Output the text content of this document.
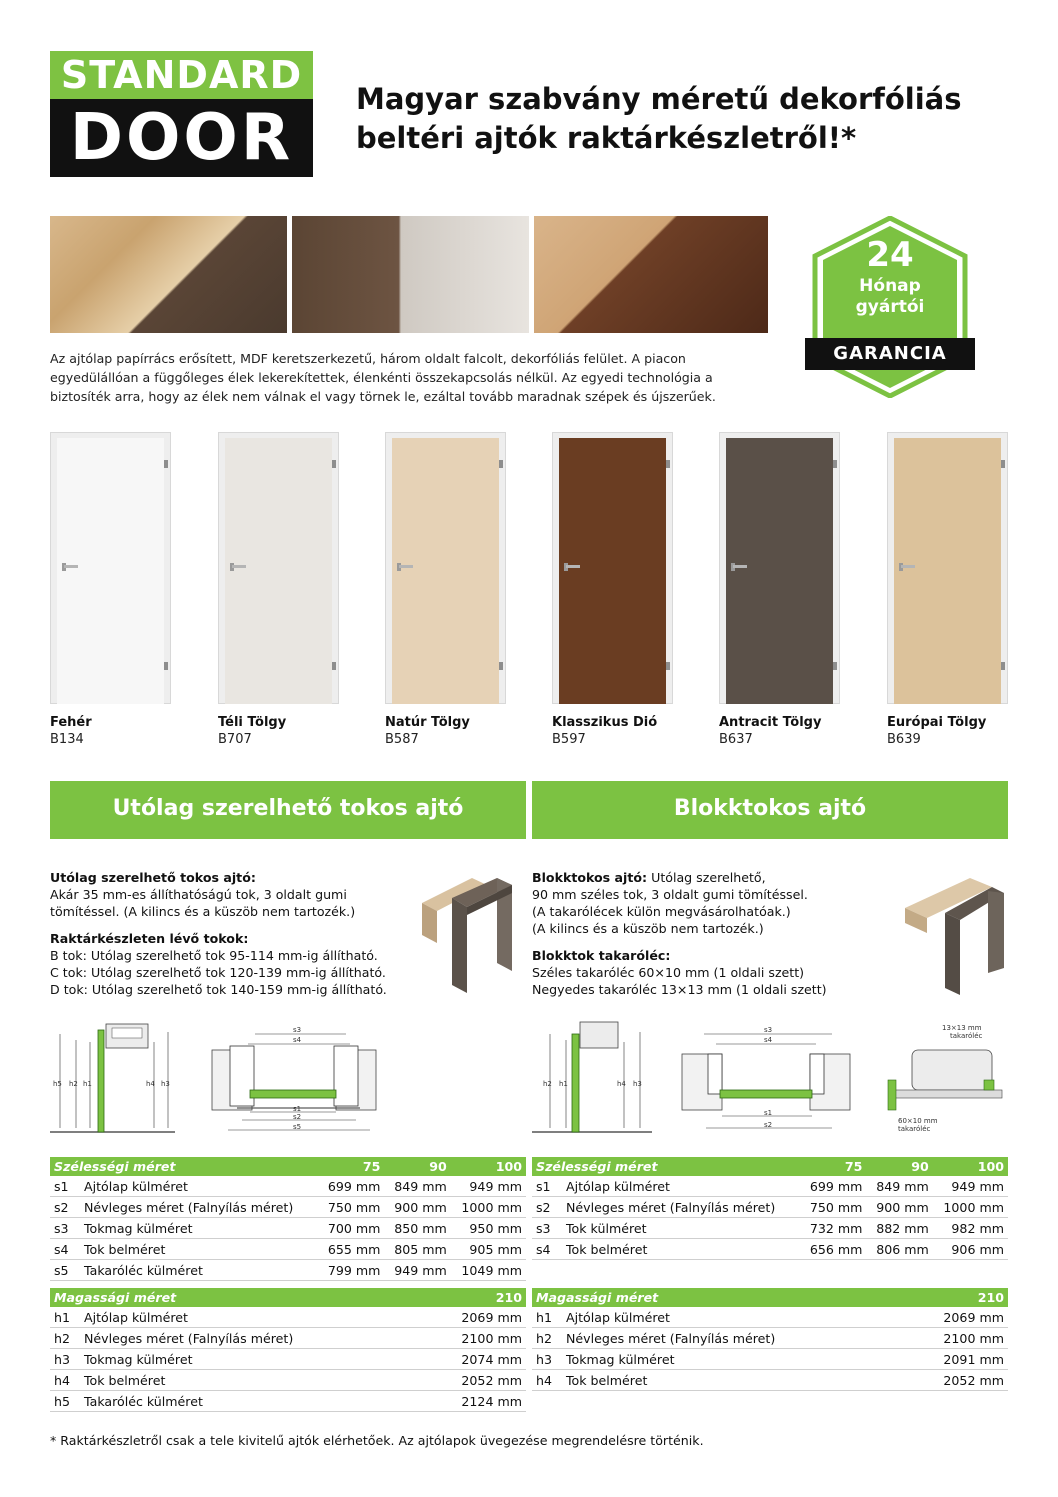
STANDARD
DOOR
Magyar szabvány méretű dekorfóliás
beltéri ajtók raktárkészletről!*
24
Hónap
gyártói
GARANCIA
Az ajtólap papírrács erősített, MDF keretszerkezetű, három oldalt falcolt, dekorfóliás felület. A piacon egyedülállóan a függőleges élek lekerekítettek, élenkénti összekapcsolás nélkül. Az egyedi technológia a biztosíték arra, hogy az élek nem válnak el vagy törnek le, ezáltal tovább maradnak szépek és újszerűek.
Fehér
B134
Téli Tölgy
B707
Natúr Tölgy
B587
Klasszikus Dió
B597
Antracit Tölgy
B637
Európai Tölgy
B639
Utólag szerelhető tokos ajtó	Blokktokos ajtó
Utólag szerelhető tokos ajtó:
Akár 35 mm-es állíthatóságú tok, 3 oldalt gumi
tömítéssel. (A kilincs és a küszöb nem tartozék.)
Raktárkészleten lévő tokok:
B tok: Utólag szerelhető tok 95-114 mm-ig állítható.
C tok: Utólag szerelhető tok 120-139 mm-ig állítható.
D tok: Utólag szerelhető tok 140-159 mm-ig állítható.
Blokktokos ajtó: Utólag szerelhető,
90 mm széles tok, 3 oldalt gumi tömítéssel.
(A takarólécek külön megvásárolhatóak.)
(A kilincs és a küszöb nem tartozék.)
Blokktok takaróléc:
Széles takaróléc 60×10 mm (1 oldali szett)
Negyedes takaróléc 13×13 mm (1 oldali szett)
h5 h2 h1	h4 h3
s3
s4
s1
s2
s5
h2 h1	h4 h3
s3
s4
s1
s2
13×13 mm
takaróléc
60×10 mm
takaróléc
Szélességi méret		75	90	100
s1	Ajtólap külméret	699 mm	849 mm	949 mm
s2	Névleges méret (Falnyílás méret)	750 mm	900 mm	1000 mm
s3	Tokmag külméret	700 mm	850 mm	950 mm
s4	Tok belméret	655 mm	805 mm	905 mm
s5	Takaróléc külméret	799 mm	949 mm	1049 mm
Szélességi méret		75	90	100
s1	Ajtólap külméret	699 mm	849 mm	949 mm
s2	Névleges méret (Falnyílás méret)	750 mm	900 mm	1000 mm
s3	Tok külméret	732 mm	882 mm	982 mm
s4	Tok belméret	656 mm	806 mm	906 mm
Magassági méret		210
h1	Ajtólap külméret	2069 mm
h2	Névleges méret (Falnyílás méret)	2100 mm
h3	Tokmag külméret	2074 mm
h4	Tok belméret	2052 mm
h5	Takaróléc külméret	2124 mm
Magassági méret		210
h1	Ajtólap külméret	2069 mm
h2	Névleges méret (Falnyílás méret)	2100 mm
h3	Tokmag külméret	2091 mm
h4	Tok belméret	2052 mm
* Raktárkészletről csak a tele kivitelű ajtók elérhetőek. Az ajtólapok üvegezése megrendelésre történik.
